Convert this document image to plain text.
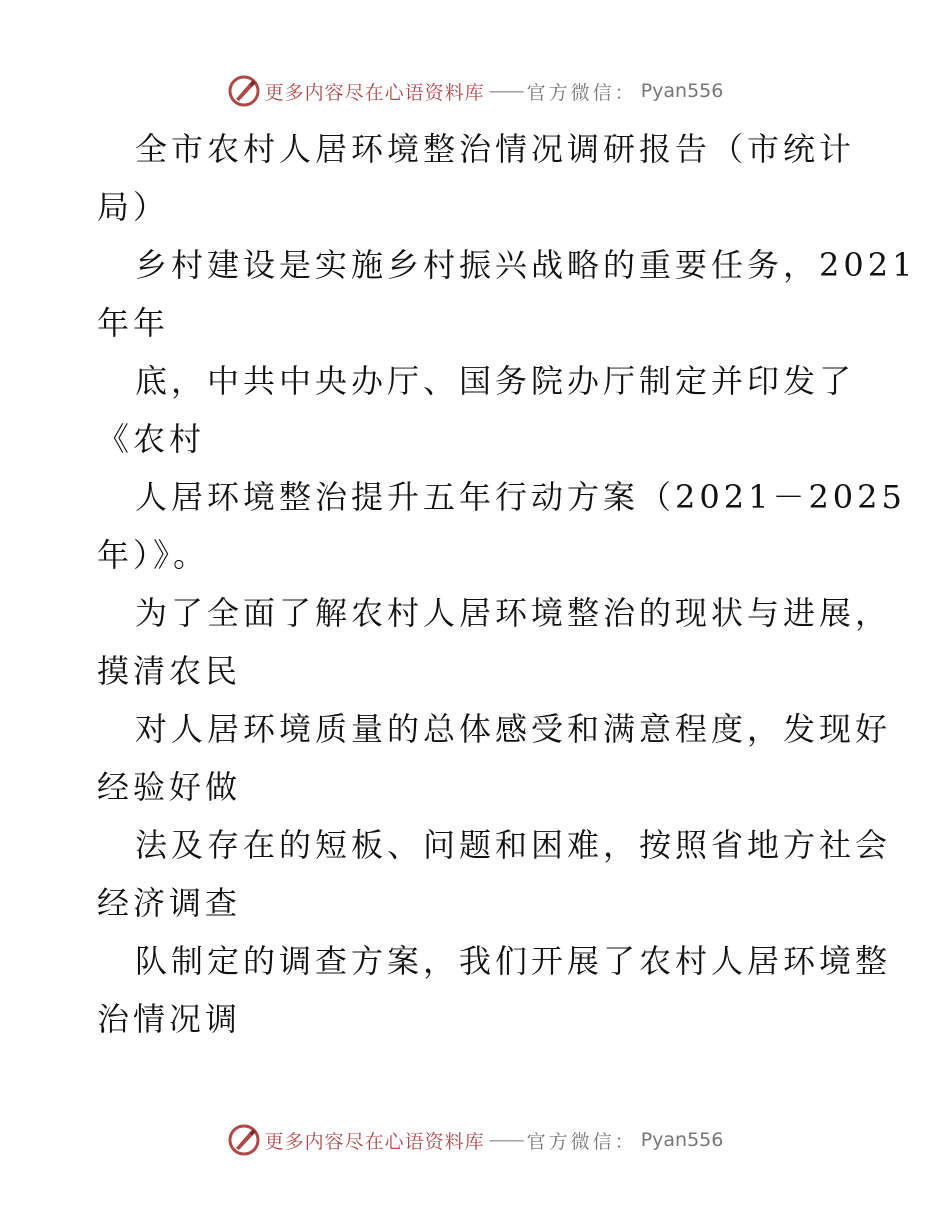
更多内容尽在心语资料库 —— 官方微信： Pyan556
全市农村人居环境整治情况调研报告（市统计
局）
乡村建设是实施乡村振兴战略的重要任务，2021
年年
底，中共中央办厅、国务院办厅制定并印发了
《农村
人居环境整治提升五年行动方案（2021－2025
年）》。
为了全面了解农村人居环境整治的现状与进展，
摸清农民
对人居环境质量的总体感受和满意程度，发现好
经验好做
法及存在的短板、问题和困难，按照省地方社会
经济调查
队制定的调查方案，我们开展了农村人居环境整
治情况调
更多内容尽在心语资料库 —— 官方微信： Pyan556
